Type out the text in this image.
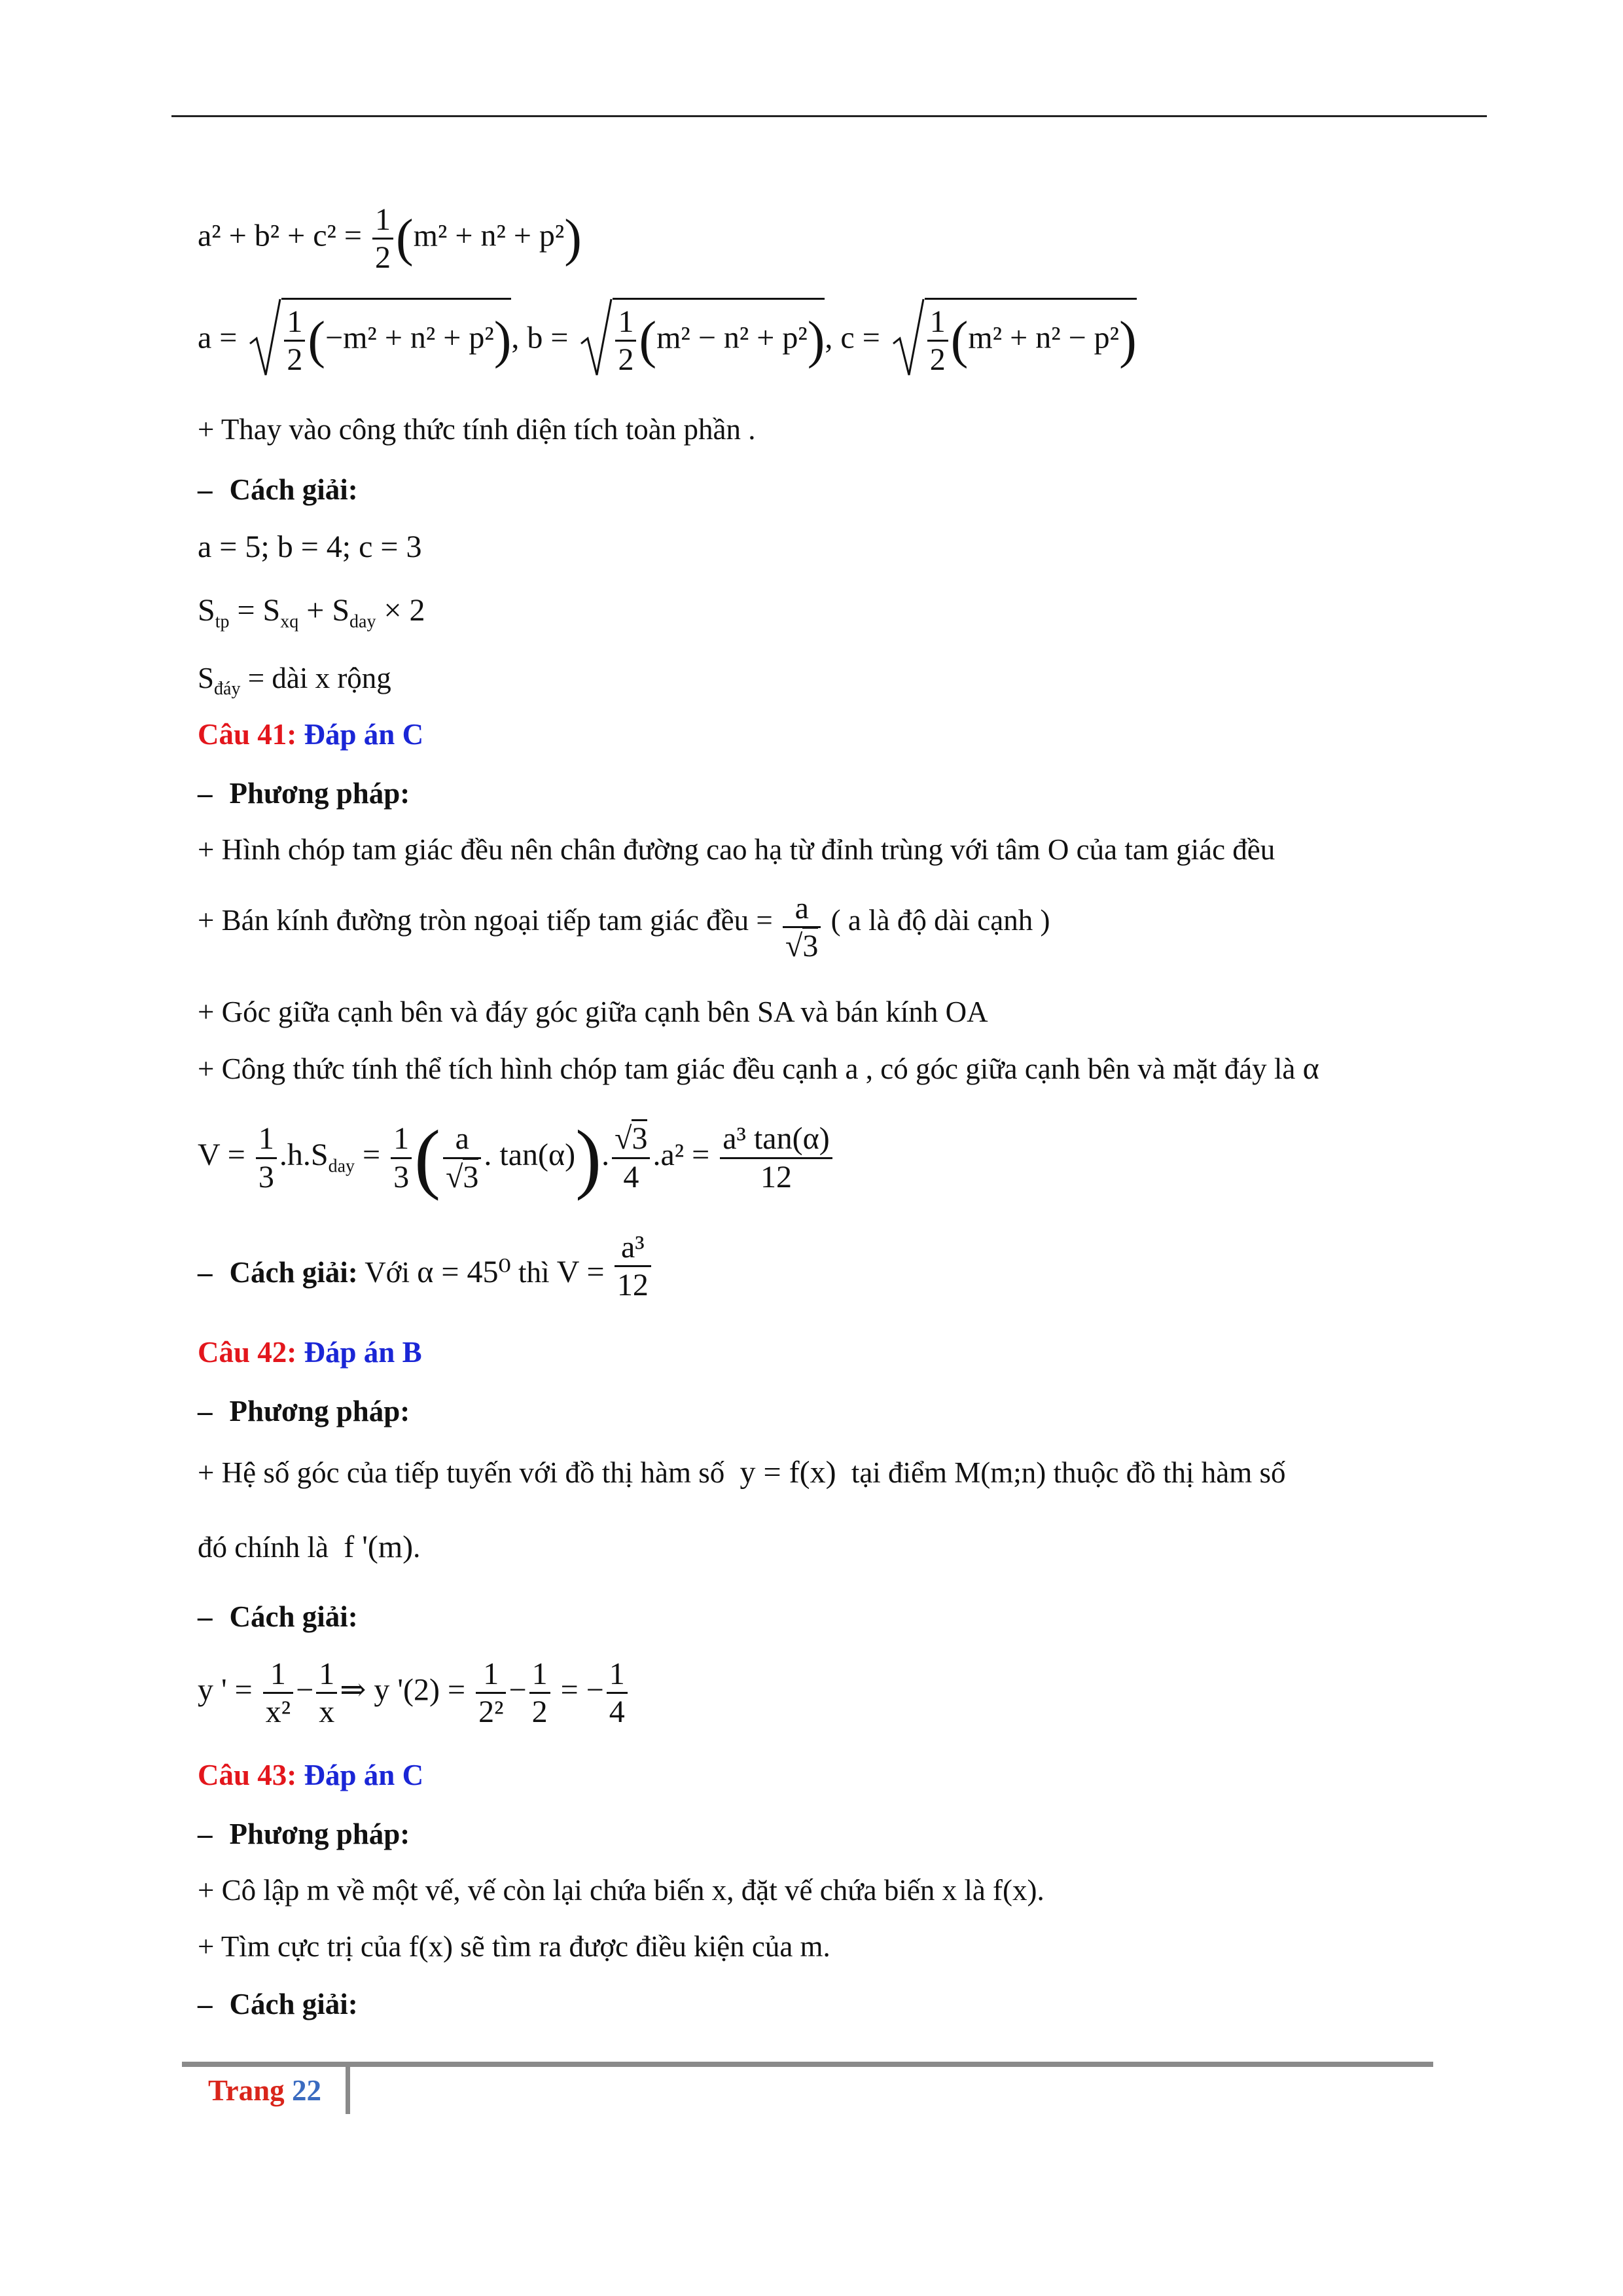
$a^2 + b^2 + c^2 = \frac{1}{2} (m^2 + n^2 + p^2)$
$a = \frac{1}{2} (-m^2 + n^2 + p^2)$, $b = \frac{1}{2} (m^2 - n^2 + p^2)$, $c = \frac{1}{2} (m^2 + n^2 - p^2)$
+ Thay vào công thức tính diện tích toàn phần .
– Cách giải:
a = 5; b = 4; c = 3
$S_{tp} = S_{xq} + S_{day} \times 2$
$S_{đáy}$ = dài x rộng
Câu 41: Đáp án C
– Phương pháp:
+ Hình chóp tam giác đều nên chân đường cao hạ từ đỉnh trùng với tâm O của tam giác đều
+ Bán kính đường tròn ngoại tiếp tam giác đều = $\frac{a}{√3}$ ( a là độ dài cạnh )
+ Góc giữa cạnh bên và đáy góc giữa cạnh bên SA và bán kính OA
+ Công thức tính thể tích hình chóp tam giác đều cạnh a , có góc giữa cạnh bên và mặt đáy là α
$V = \frac{1}{3} .h.S_{day} = \frac{1}{3}$ ( $\frac{a}{√3}$ . tan(α)). $\frac{√3}{4} .a^2 = \frac{\text{a³ tan(α)}}{12}$
– Cách giải: Với α = 45⁰ thì $V = \frac{\text{a³}}{12}$
Câu 42: Đáp án B
– Phương pháp:
+ Hệ số góc của tiếp tuyến với đồ thị hàm số y = f(x) tại điểm M(m;n) thuộc đồ thị hàm số
đó chính là f '(m).
– Cách giải:
y ' = $\frac{1}{\text{x²}} - \frac{1}{x}$ ⇒ y '$(2) = \frac{1}{\text{2²}} - \frac{1}{2}$ = − $\frac{1}{4}$
Câu 43: Đáp án C
– Phương pháp:
+ Cô lập m về một vế, vế còn lại chứa biến x, đặt vế chứa biến x là f(x).
+ Tìm cực trị của f(x) sẽ tìm ra được điều kiện của m.
– Cách giải:
Trang 22
